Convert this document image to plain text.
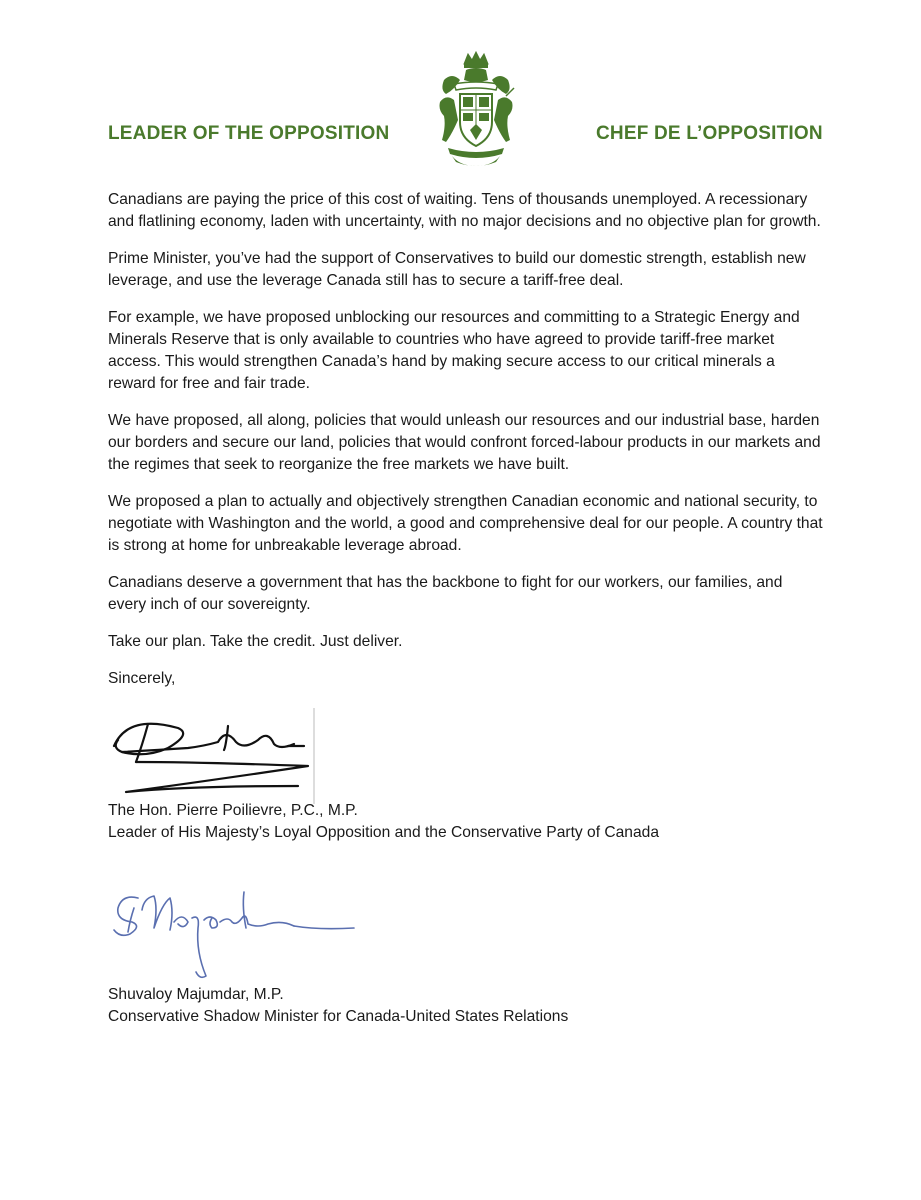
LEADER OF THE OPPOSITION	CHEF DE L’OPPOSITION

Canadians are paying the price of this cost of waiting. Tens of thousands unemployed. A recessionary and flatlining economy, laden with uncertainty, with no major decisions and no objective plan for growth.

Prime Minister, you’ve had the support of Conservatives to build our domestic strength, establish new leverage, and use the leverage Canada still has to secure a tariff-free deal.

For example, we have proposed unblocking our resources and committing to a Strategic Energy and Minerals Reserve that is only available to countries who have agreed to provide tariff-free market access. This would strengthen Canada’s hand by making secure access to our critical minerals a reward for free and fair trade.

We have proposed, all along, policies that would unleash our resources and our industrial base, harden our borders and secure our land, policies that would confront forced-labour products in our markets and the regimes that seek to reorganize the free markets we have built.

We proposed a plan to actually and objectively strengthen Canadian economic and national security, to negotiate with Washington and the world, a good and comprehensive deal for our people. A country that is strong at home for unbreakable leverage abroad.

Canadians deserve a government that has the backbone to fight for our workers, our families, and every inch of our sovereignty.

Take our plan. Take the credit. Just deliver.

Sincerely,

The Hon. Pierre Poilievre, P.C., M.P.
Leader of His Majesty’s Loyal Opposition and the Conservative Party of Canada
Shuvaloy Majumdar, M.P.
Conservative Shadow Minister for Canada-United States Relations
